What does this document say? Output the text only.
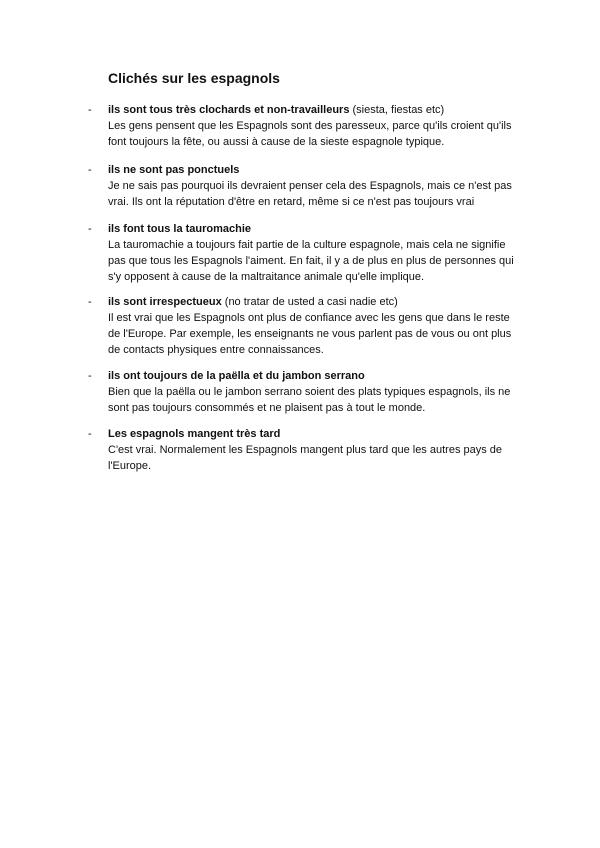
Clichés sur les espagnols
-	ils sont tous très clochards et non-travailleurs (siesta, fiestas etc)
Les gens pensent que les Espagnols sont des paresseux, parce qu'ils croient qu'ils font toujours la fête, ou aussi à cause de la sieste espagnole typique.
-	ils ne sont pas ponctuels
Je ne sais pas pourquoi ils devraient penser cela des Espagnols, mais ce n'est pas vrai. Ils ont la réputation d'être en retard, même si ce n'est pas toujours vrai
-	ils font tous la tauromachie
La tauromachie a toujours fait partie de la culture espagnole, mais cela ne signifie pas que tous les Espagnols l'aiment. En fait, il y a de plus en plus de personnes qui s'y opposent à cause de la maltraitance animale qu'elle implique.
-	ils sont irrespectueux (no tratar de usted a casi nadie etc)
Il est vrai que les Espagnols ont plus de confiance avec les gens que dans le reste de l'Europe. Par exemple, les enseignants ne vous parlent pas de vous ou ont plus de contacts physiques entre connaissances.
-	ils ont toujours de la paëlla et du jambon serrano
Bien que la paëlla ou le jambon serrano soient des plats typiques espagnols, ils ne sont pas toujours consommés et ne plaisent pas à tout le monde.
-	Les espagnols mangent très tard
C'est vrai. Normalement les Espagnols mangent plus tard que les autres pays de l'Europe.
